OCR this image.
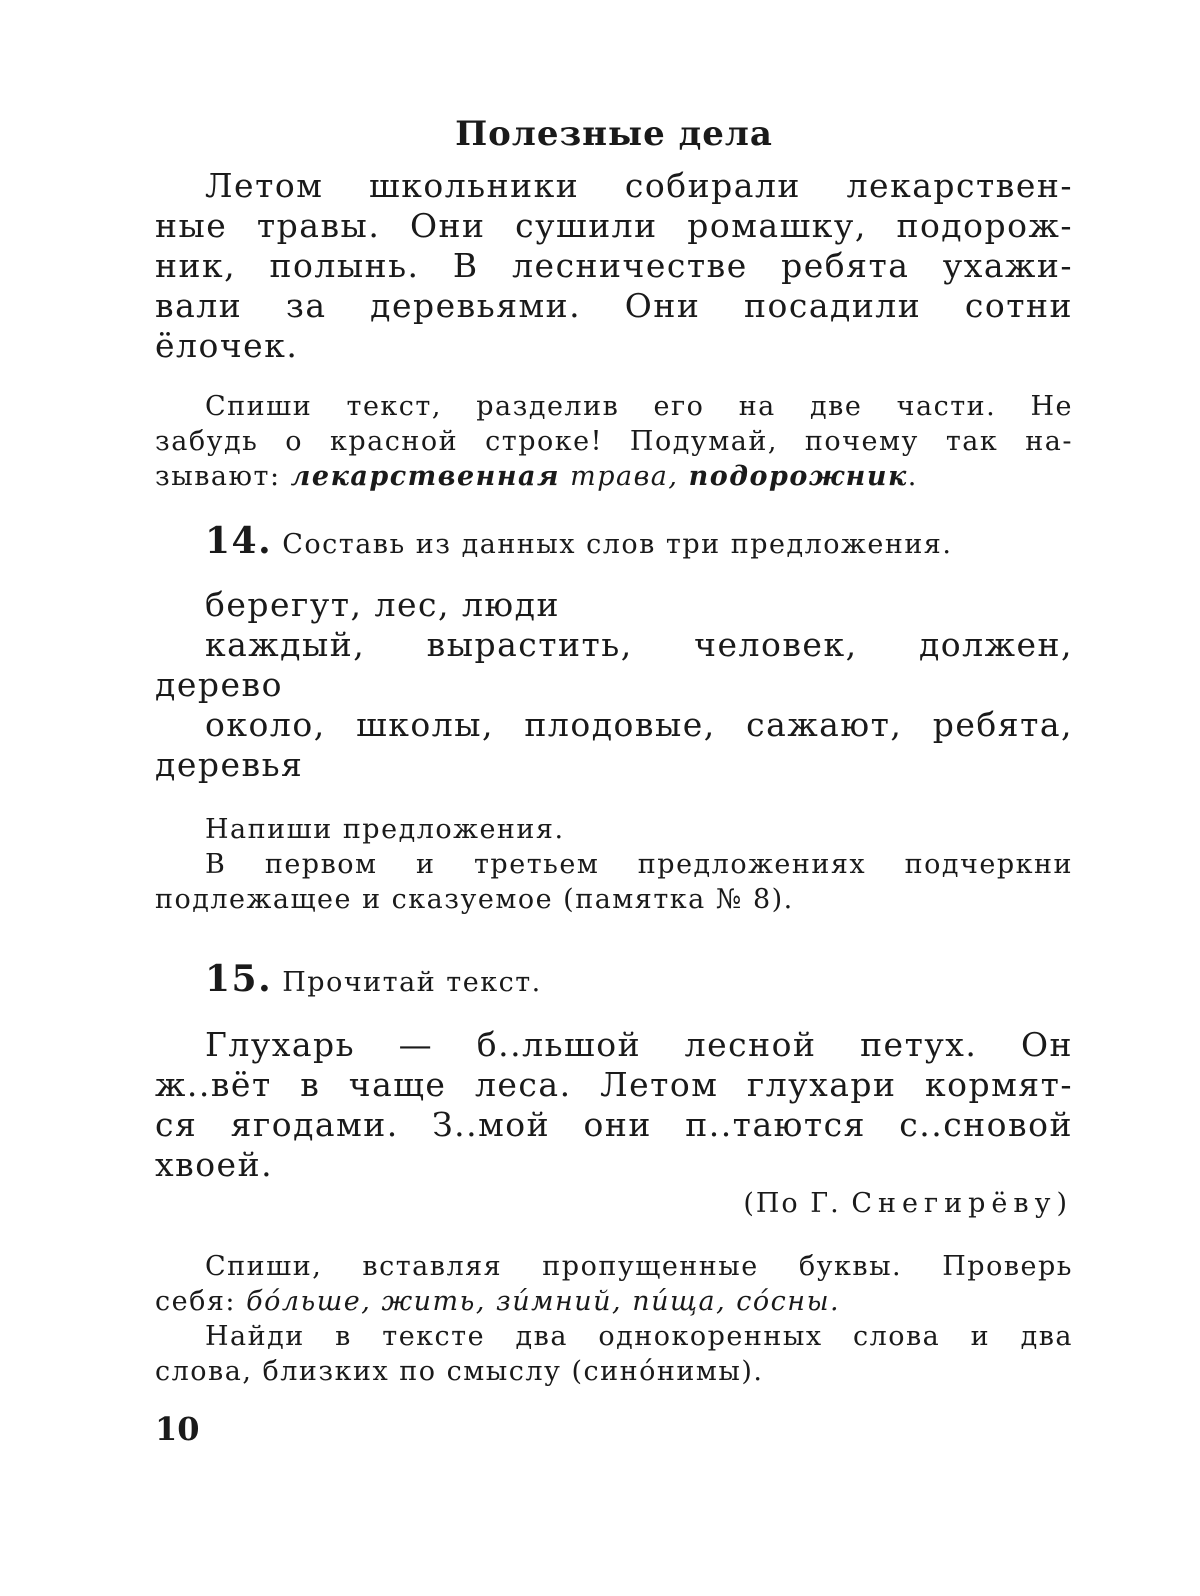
Полезные дела
Летом школьники собирали лекарствен-
ные травы. Они сушили ромашку, подорож-
ник, полынь. В лесничестве ребята ухажи-
вали за деревьями. Они посадили сотни
ёлочек.
Спиши текст, разделив его на две части. Не
забудь о красной строке! Подумай, почему так на-
зывают: лекарственная трава, подорожник.
14. Составь из данных слов три предложения.
берегут, лес, люди
каждый, вырастить, человек, должен,
дерево
около, школы, плодовые, сажают, ребята,
деревья
Напиши предложения.
В первом и третьем предложениях подчеркни
подлежащее и сказуемое (памятка № 8).
15. Прочитай текст.
Глухарь — б..льшой лесной петух. Он
ж..вёт в чаще леса. Летом глухари кормят-
ся ягодами. З..мой они п..таются с..сновой
хвоей.
(По Г. Снегирёву)
Спиши, вставляя пропущенные буквы. Проверь
себя: бóльше, жить, зи́мний, пи́ща, сóсны.
Найди в тексте два однокоренных слова и два
слова, близких по смыслу (синóнимы).
10
